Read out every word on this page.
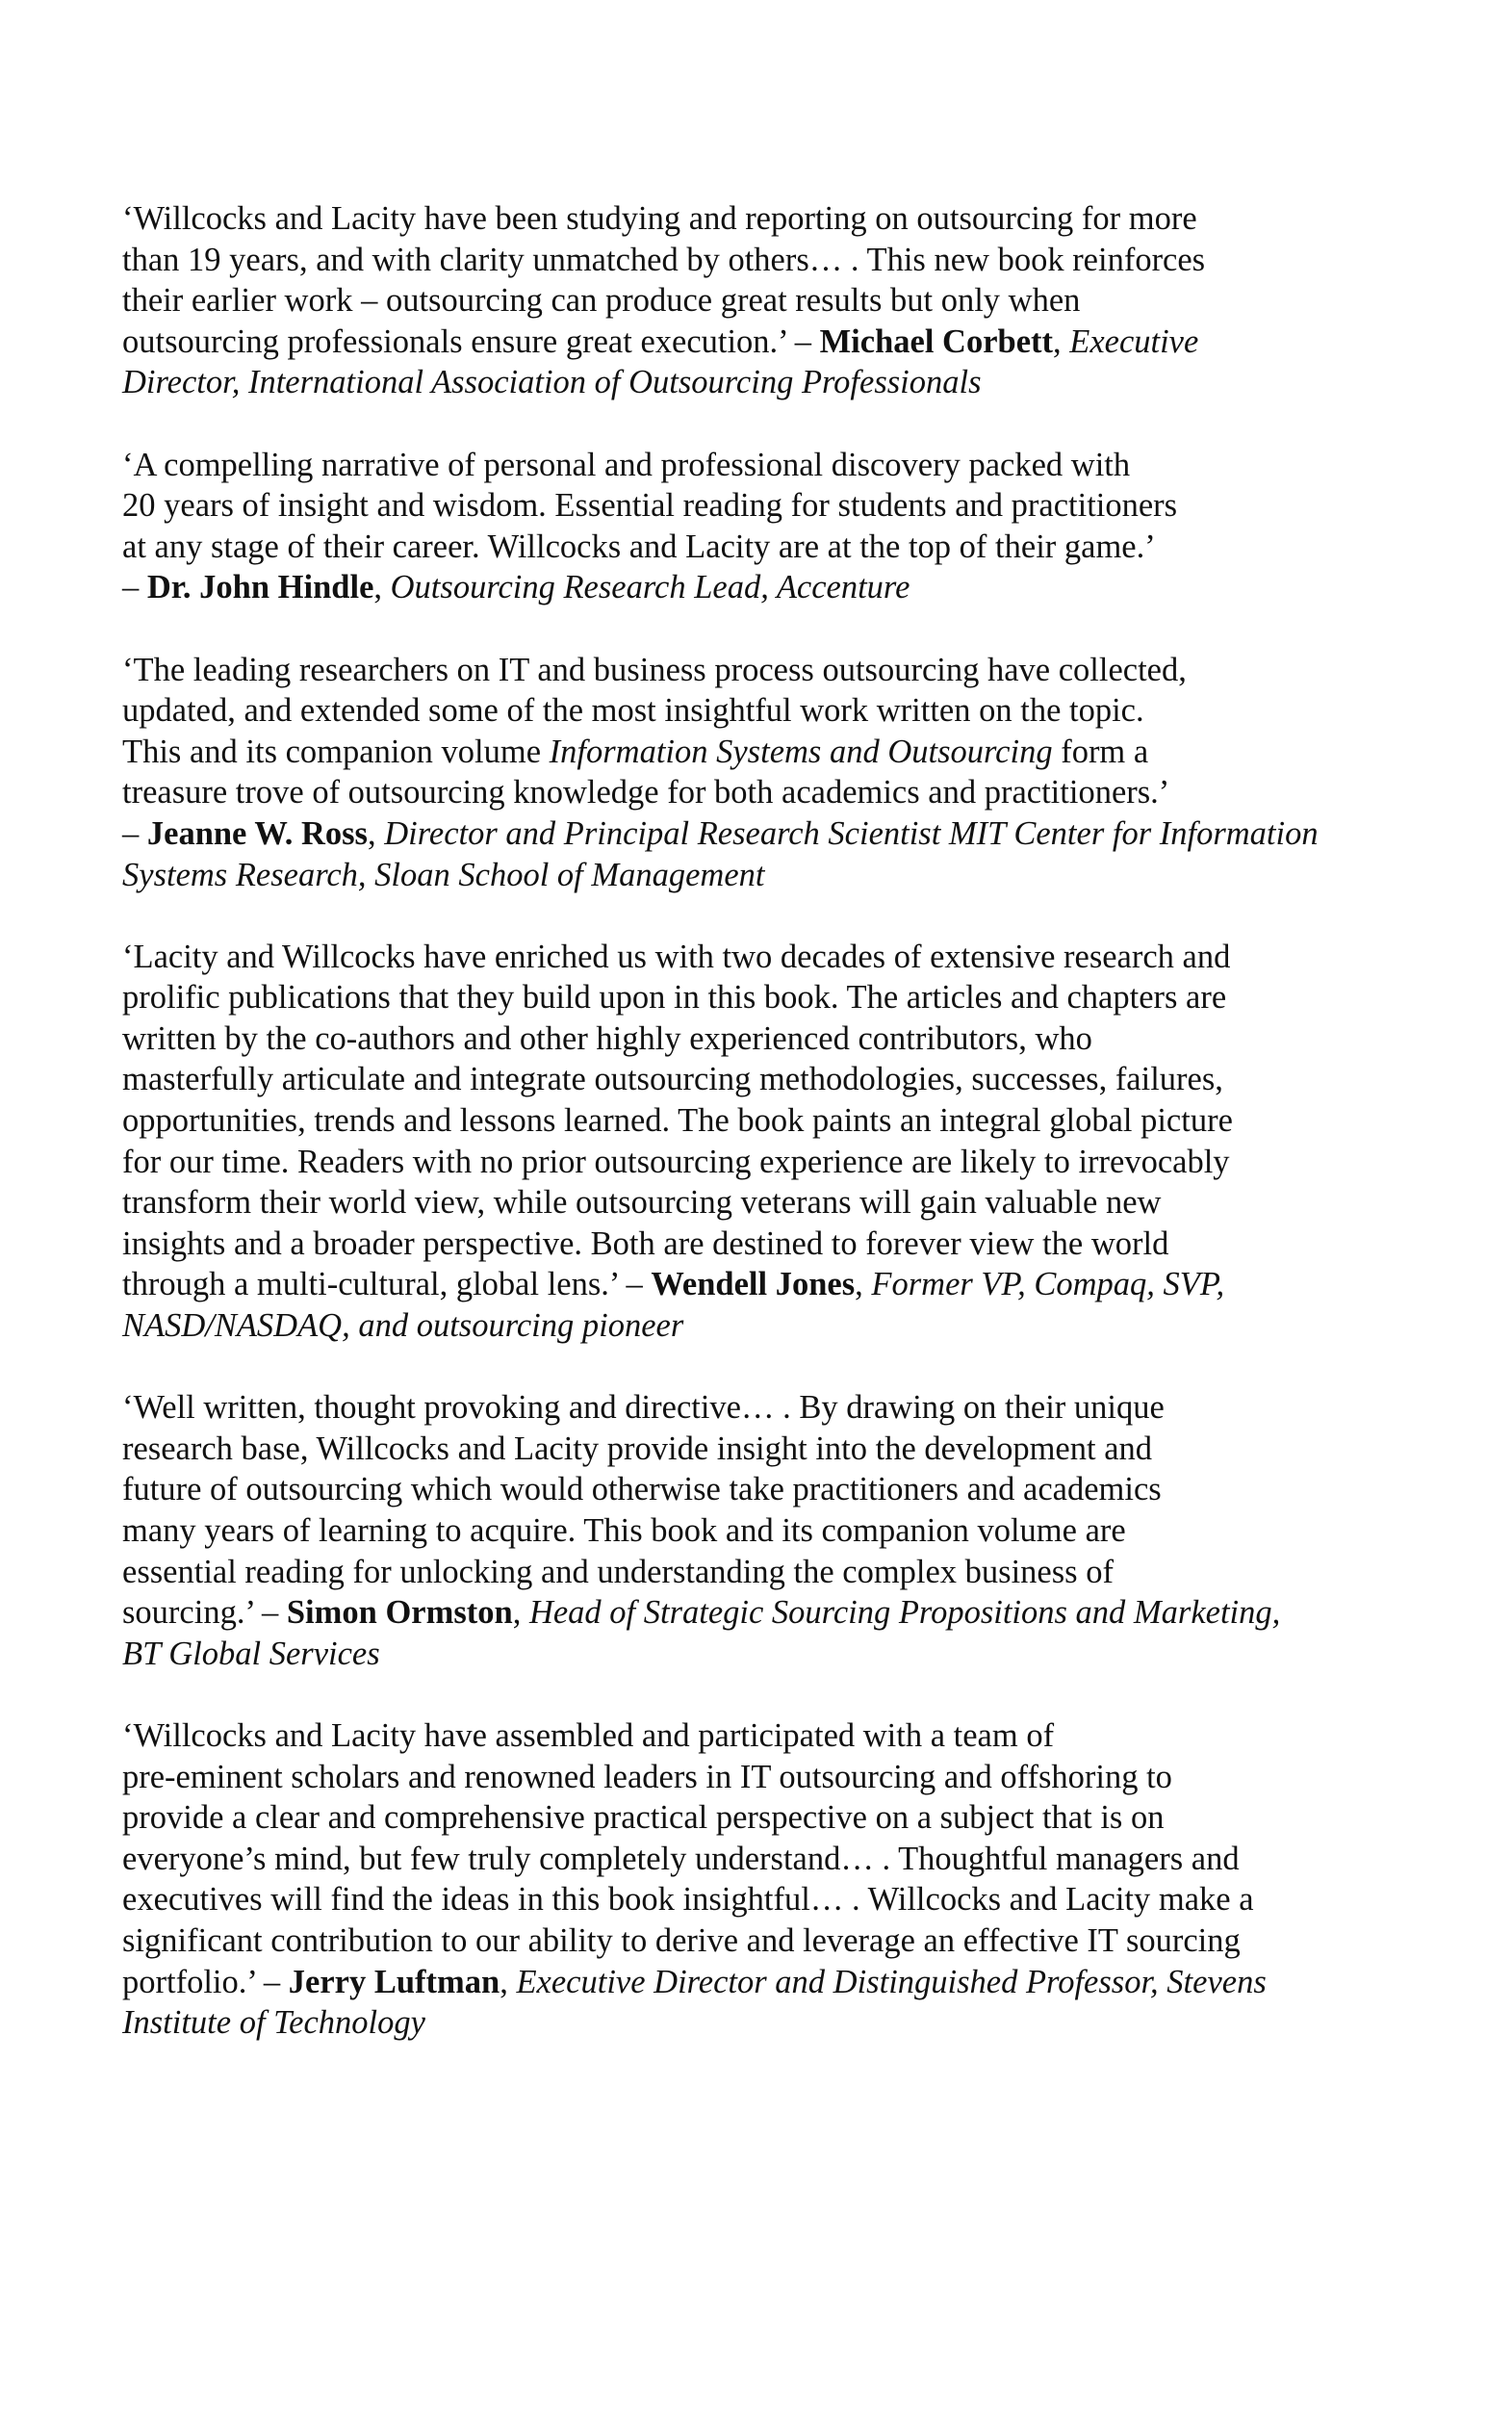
‘Willcocks and Lacity have been studying and reporting on outsourcing for more
than 19 years, and with clarity unmatched by others… . This new book reinforces
their earlier work – outsourcing can produce great results but only when
outsourcing professionals ensure great execution.’ – Michael Corbett, Executive
Director, International Association of Outsourcing Professionals
‘A compelling narrative of personal and professional discovery packed with
20 years of insight and wisdom. Essential reading for students and practitioners
at any stage of their career. Willcocks and Lacity are at the top of their game.’
– Dr. John Hindle, Outsourcing Research Lead, Accenture
‘The leading researchers on IT and business process outsourcing have collected,
updated, and extended some of the most insightful work written on the topic.
This and its companion volume Information Systems and Outsourcing form a
treasure trove of outsourcing knowledge for both academics and practitioners.’
– Jeanne W. Ross, Director and Principal Research Scientist MIT Center for Information
Systems Research, Sloan School of Management
‘Lacity and Willcocks have enriched us with two decades of extensive research and
prolific publications that they build upon in this book. The articles and chapters are
written by the co-authors and other highly experienced contributors, who
masterfully articulate and integrate outsourcing methodologies, successes, failures,
opportunities, trends and lessons learned. The book paints an integral global picture
for our time. Readers with no prior outsourcing experience are likely to irrevocably
transform their world view, while outsourcing veterans will gain valuable new
insights and a broader perspective. Both are destined to forever view the world
through a multi-cultural, global lens.’ – Wendell Jones, Former VP, Compaq, SVP,
NASD/NASDAQ, and outsourcing pioneer
‘Well written, thought provoking and directive… . By drawing on their unique
research base, Willcocks and Lacity provide insight into the development and
future of outsourcing which would otherwise take practitioners and academics
many years of learning to acquire. This book and its companion volume are
essential reading for unlocking and understanding the complex business of
sourcing.’ – Simon Ormston, Head of Strategic Sourcing Propositions and Marketing,
BT Global Services
‘Willcocks and Lacity have assembled and participated with a team of
pre-eminent scholars and renowned leaders in IT outsourcing and offshoring to
provide a clear and comprehensive practical perspective on a subject that is on
everyone’s mind, but few truly completely understand… . Thoughtful managers and
executives will find the ideas in this book insightful… . Willcocks and Lacity make a
significant contribution to our ability to derive and leverage an effective IT sourcing
portfolio.’ – Jerry Luftman, Executive Director and Distinguished Professor, Stevens
Institute of Technology
